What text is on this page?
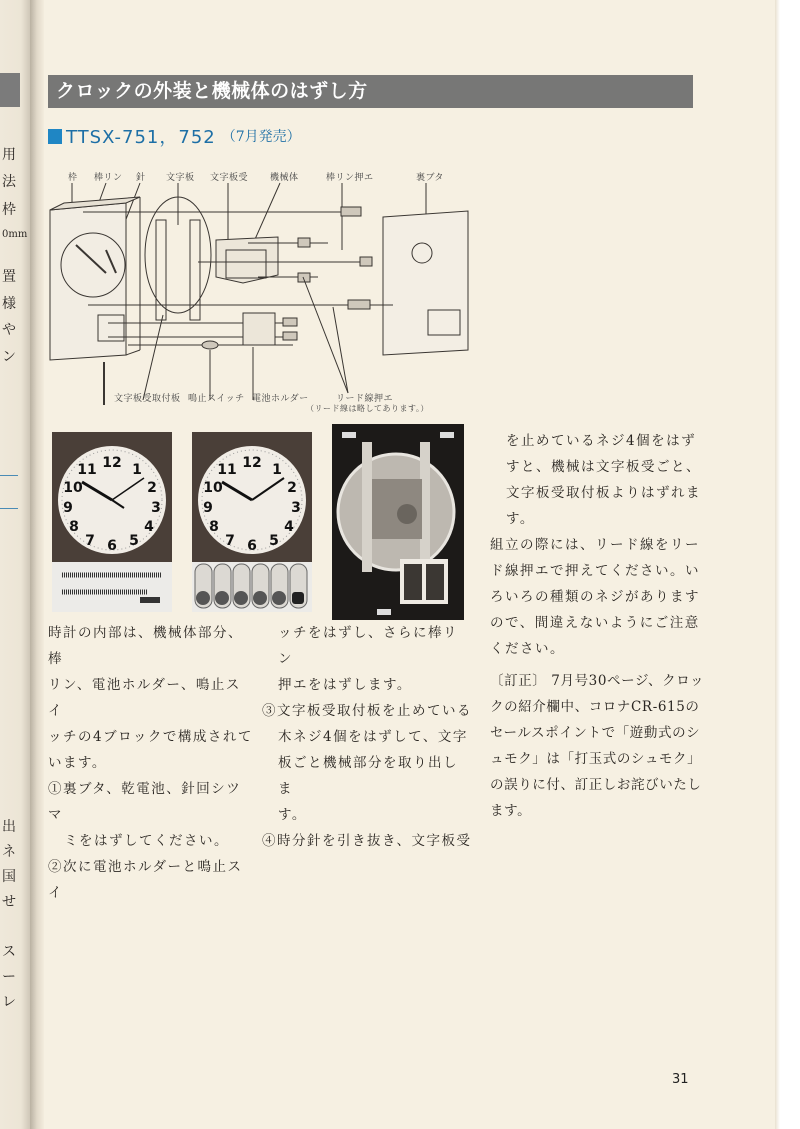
用
法
枠
0mm
置
様
や
ン
出
ネ
国
せ
ス
ー
レ
クロックの外装と機械体のはずし方
TTSX-751，752 （7月発売）
枠 棒リン 針 文字板 文字板受 機械体	棒リン押エ	裏ブタ
文字板受取付板 鳴止スイッチ 電池ホルダー	リード線押エ
（リード線は略してあります。）
12 1
2
3
4
5
6
7
8
9
10
11	12 1
2
3
4
5
6
7
8
9
10
11

時計の内部は、機械体部分、棒

リン、電池ホルダー、鳴止スイ

ッチの4ブロックで構成されて

います。

①裏ブタ、乾電池、針回シツマ

ミをはずしてください。

②次に電池ホルダーと鳴止スイ

ッチをはずし、さらに棒リン

押エをはずします。

③文字板受取付板を止めている

木ネジ4個をはずして、文字

板ごと機械部分を取り出しま

す。

④時分針を引き抜き、文字板受

を止めているネジ4個をはず

すと、機械は文字板受ごと、

文字板受取付板よりはずれま

す。

組立の際には、リード線をリー

ド線押エで押えてください。い

ろいろの種類のネジがあります

ので、間違えないようにご注意

ください。

〔訂正〕 7月号30ページ、クロッ

クの紹介欄中、コロナCR-615の

セールスポイントで「遊動式のシ

ュモク」は「打玉式のシュモク」

の誤りに付、訂正しお詫びいたし

ます。

31
